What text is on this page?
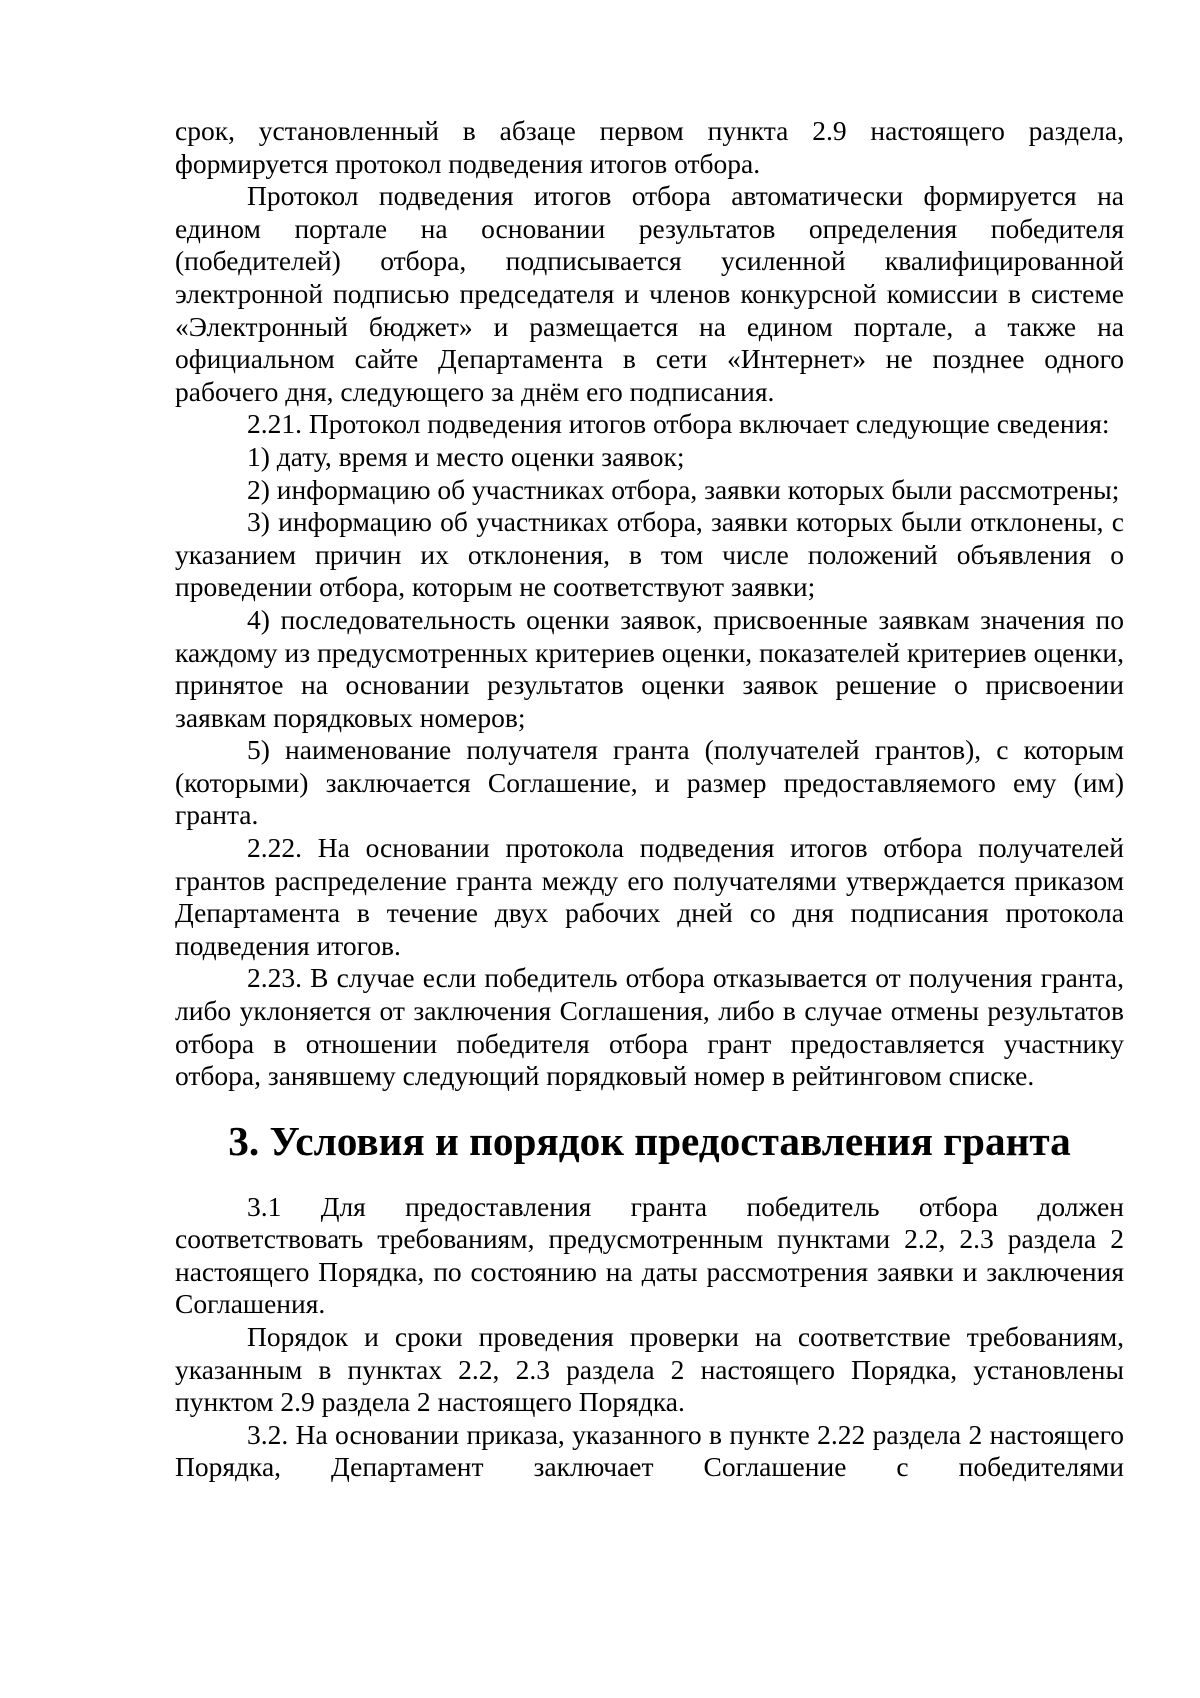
срок, установленный в абзаце первом пункта 2.9 настоящего раздела, формируется протокол подведения итогов отбора.

Протокол подведения итогов отбора автоматически формируется на едином портале на основании результатов определения победителя (победителей) отбора, подписывается усиленной квалифицированной электронной подписью председателя и членов конкурсной комиссии в системе «Электронный бюджет» и размещается на едином портале, а также на официальном сайте Департамента в сети «Интернет» не позднее одного рабочего дня, следующего за днём его подписания.

2.21. Протокол подведения итогов отбора включает следующие сведения:

1) дату, время и место оценки заявок;

2) информацию об участниках отбора, заявки которых были рассмотрены;

3) информацию об участниках отбора, заявки которых были отклонены, с указанием причин их отклонения, в том числе положений объявления о проведении отбора, которым не соответствуют заявки;

4) последовательность оценки заявок, присвоенные заявкам значения по каждому из предусмотренных критериев оценки, показателей критериев оценки, принятое на основании результатов оценки заявок решение о присвоении заявкам порядковых номеров;

5) наименование получателя гранта (получателей грантов), с которым (которыми) заключается Соглашение, и размер предоставляемого ему (им) гранта.

2.22. На основании протокола подведения итогов отбора получателей грантов распределение гранта между его получателями утверждается приказом Департамента в течение двух рабочих дней со дня подписания протокола подведения итогов.

2.23. В случае если победитель отбора отказывается от получения гранта, либо уклоняется от заключения Соглашения, либо в случае отмены результатов отбора в отношении победителя отбора грант предоставляется участнику отбора, занявшему следующий порядковый номер в рейтинговом списке.

3. Условия и порядок предоставления гранта

3.1 Для предоставления гранта победитель отбора должен соответствовать требованиям, предусмотренным пунктами 2.2, 2.3 раздела 2 настоящего Порядка, по состоянию на даты рассмотрения заявки и заключения Соглашения.

Порядок и сроки проведения проверки на соответствие требованиям, указанным в пунктах 2.2, 2.3 раздела 2 настоящего Порядка, установлены пунктом 2.9 раздела 2 настоящего Порядка.

3.2. На основании приказа, указанного в пункте 2.22 раздела 2 настоящего Порядка, Департамент заключает Соглашение с победителями
